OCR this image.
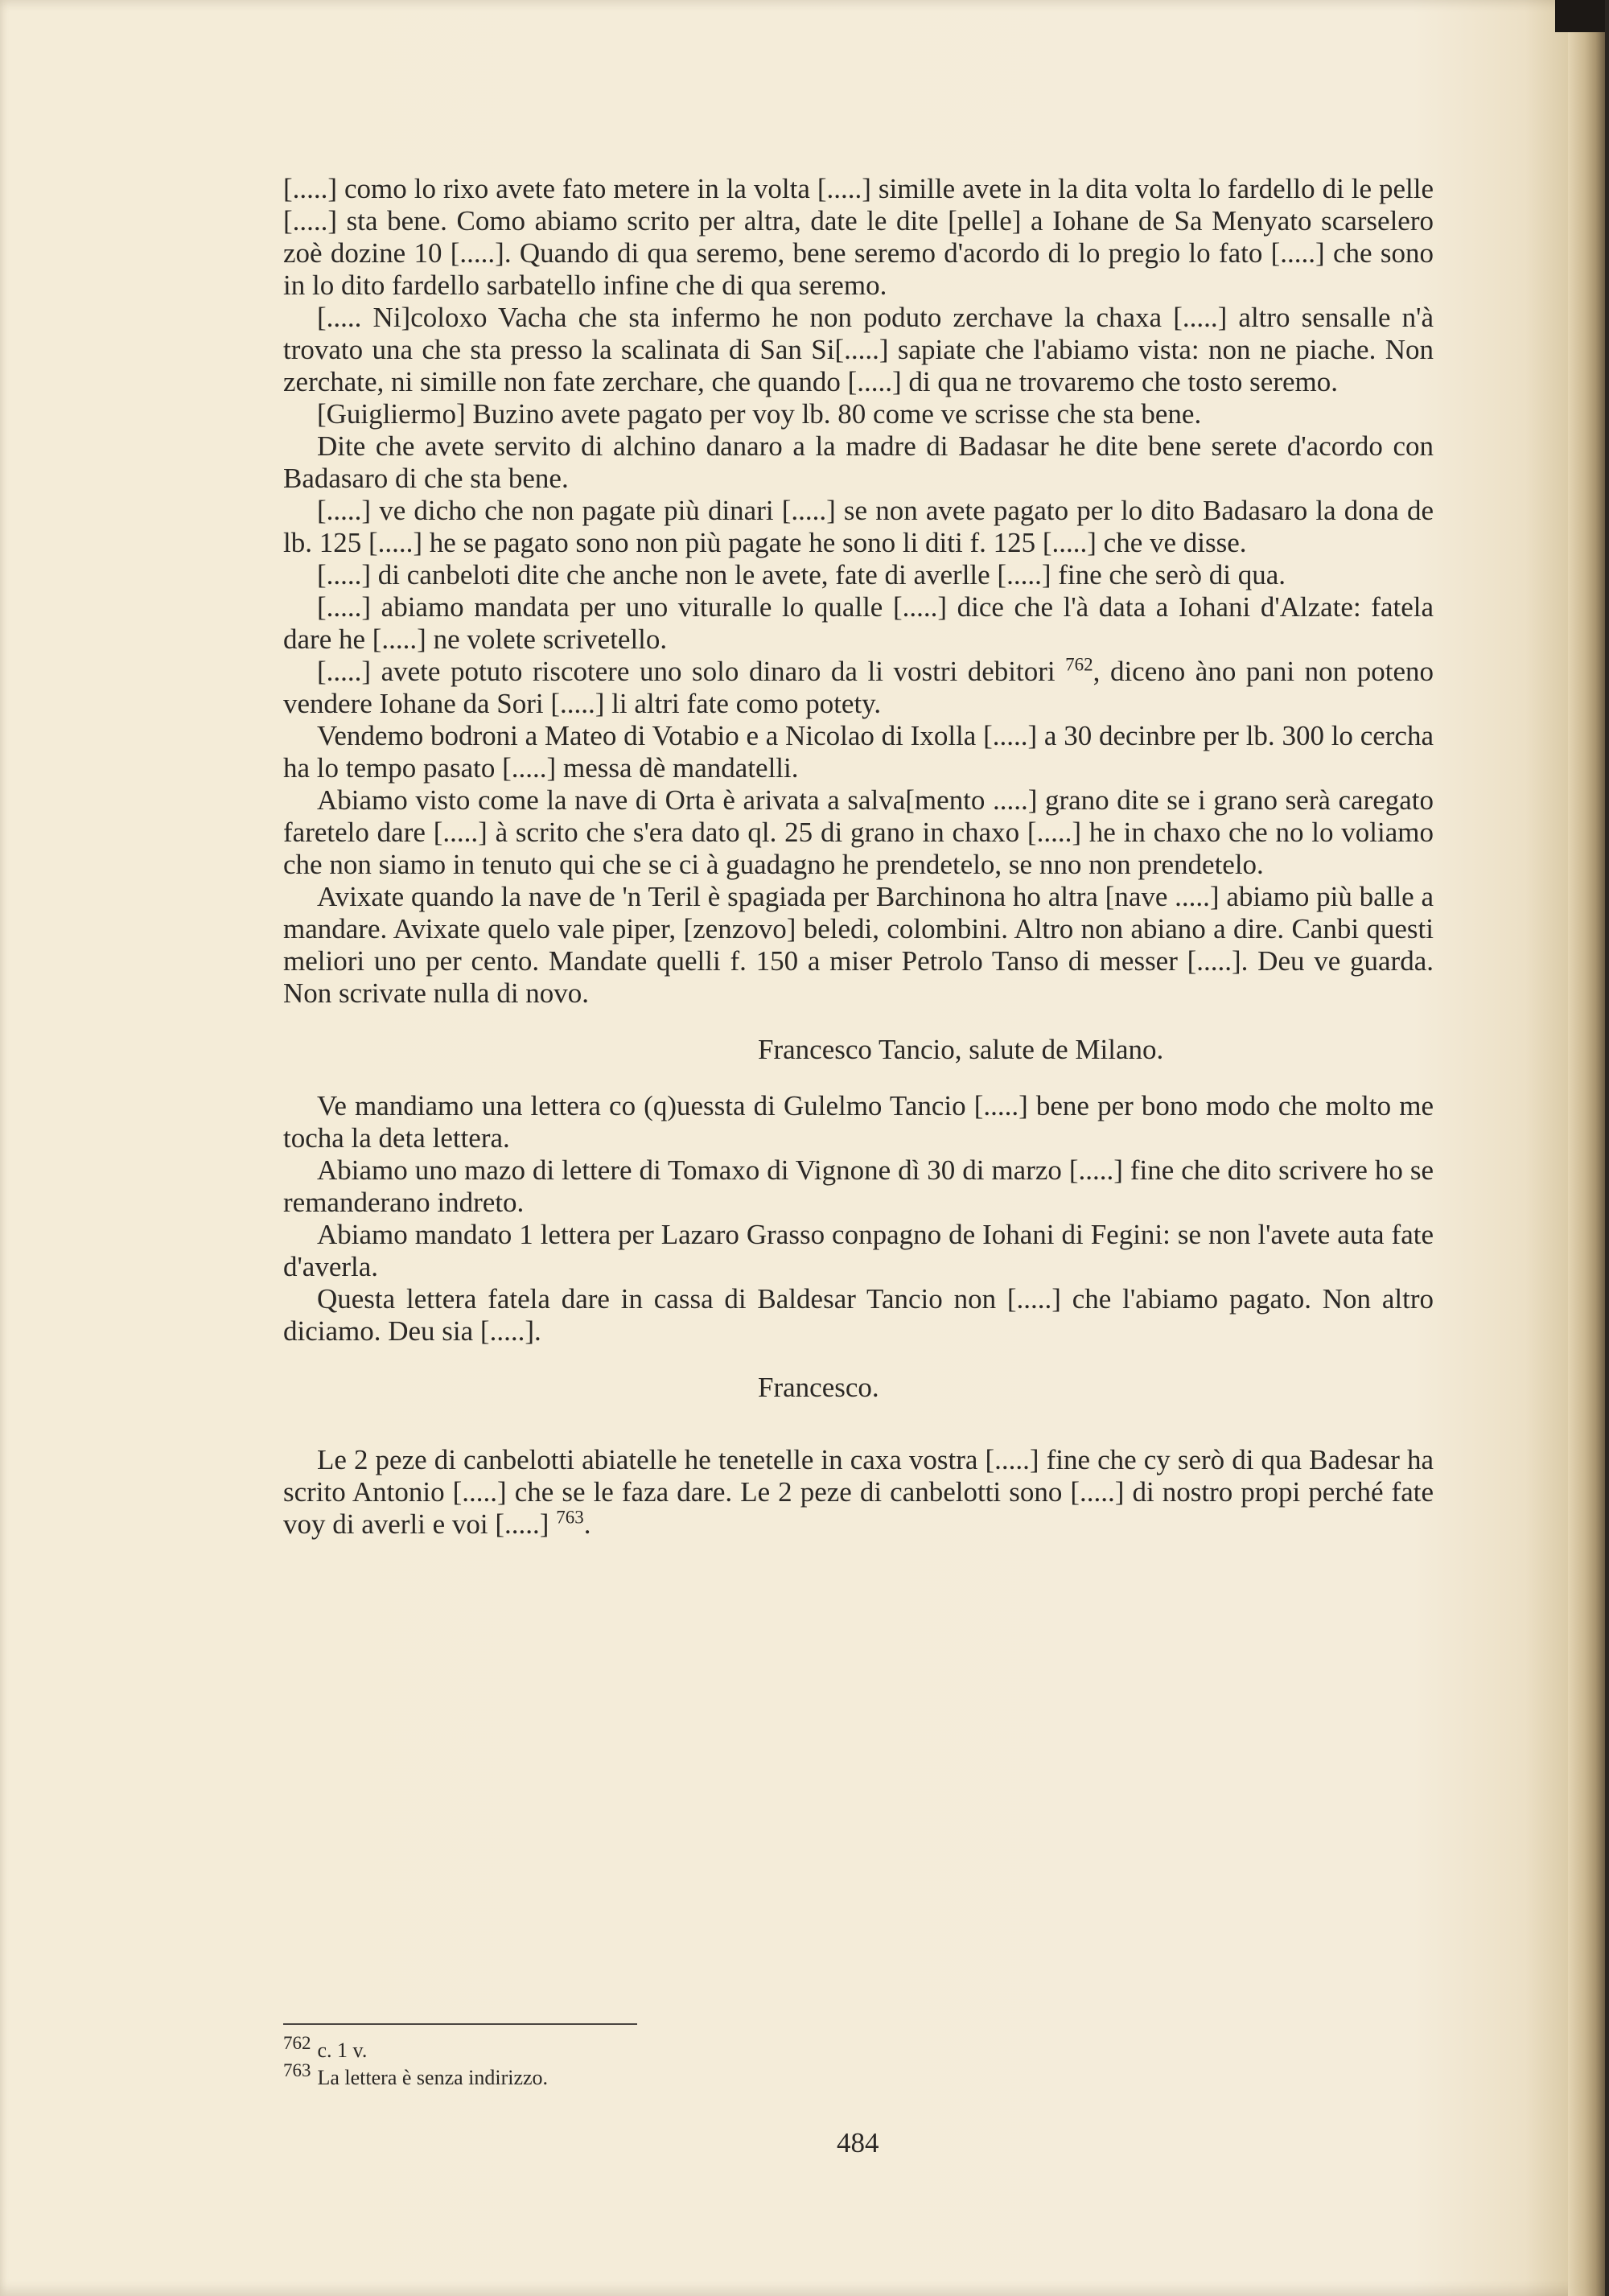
[.....] como lo rixo avete fato metere in la volta [.....] simille avete in la dita volta lo fardello di le pelle [.....] sta bene. Como abiamo scrito per altra, date le dite [pelle] a Iohane de Sa Menyato scarselero zoè dozine 10 [.....]. Quando di qua seremo, bene seremo d'acordo di lo pregio lo fato [.....] che sono in lo dito fardello sarbatello infine che di qua seremo.

[..... Ni]coloxo Vacha che sta infermo he non poduto zerchave la chaxa [.....] altro sensalle n'à trovato una che sta presso la scalinata di San Si[.....] sapiate che l'abiamo vista: non ne piache. Non zerchate, ni simille non fate zerchare, che quando [.....] di qua ne trovaremo che tosto seremo.

[Guigliermo] Buzino avete pagato per voy lb. 80 come ve scrisse che sta bene.

Dite che avete servito di alchino danaro a la madre di Badasar he dite bene serete d'acordo con Badasaro di che sta bene.

[.....] ve dicho che non pagate più dinari [.....] se non avete pagato per lo dito Badasaro la dona de lb. 125 [.....] he se pagato sono non più pagate he sono li diti f. 125 [.....] che ve disse.

[.....] di canbeloti dite che anche non le avete, fate di averlle [.....] fine che serò di qua.

[.....] abiamo mandata per uno vituralle lo qualle [.....] dice che l'à data a Iohani d'Alzate: fatela dare he [.....] ne volete scrivetello.

[.....] avete potuto riscotere uno solo dinaro da li vostri debitori $^{762}$, diceno àno pani non poteno vendere Iohane da Sori [.....] li altri fate como potety.

Vendemo bodroni a Mateo di Votabio e a Nicolao di Ixolla [.....] a 30 decinbre per lb. 300 lo cercha ha lo tempo pasato [.....] messa dè mandatelli.

Abiamo visto come la nave di Orta è arivata a salva[mento .....] grano dite se i grano serà caregato faretelo dare [.....] à scrito che s'era dato ql. 25 di grano in chaxo [.....] he in chaxo che no lo voliamo che non siamo in tenuto qui che se ci à guadagno he prendetelo, se nno non prendetelo.

Avixate quando la nave de 'n Teril è spagiada per Barchinona ho altra [nave .....] abiamo più balle a mandare. Avixate quelo vale piper, [zenzovo] beledi, colombini. Altro non abiano a dire. Canbi questi meliori uno per cento. Mandate quelli f. 150 a miser Petrolo Tanso di messer [.....]. Deu ve guarda. Non scrivate nulla di novo.

Francesco Tancio, salute de Milano.

Ve mandiamo una lettera co (q)uessta di Gulelmo Tancio [.....] bene per bono modo che molto me tocha la deta lettera.

Abiamo uno mazo di lettere di Tomaxo di Vignone dì 30 di marzo [.....] fine che dito scrivere ho se remanderano indreto.

Abiamo mandato 1 lettera per Lazaro Grasso conpagno de Iohani di Fegini: se non l'avete auta fate d'averla.

Questa lettera fatela dare in cassa di Baldesar Tancio non [.....] che l'abiamo pagato. Non altro diciamo. Deu sia [.....].

Francesco.

Le 2 peze di canbelotti abiatelle he tenetelle in caxa vostra [.....] fine che cy serò di qua Badesar ha scrito Antonio [.....] che se le faza dare. Le 2 peze di canbelotti sono [.....] di nostro propi perché fate voy di averli e voi [.....] $^{763}$.

762 c. 1 v.
763 La lettera è senza indirizzo.
484
